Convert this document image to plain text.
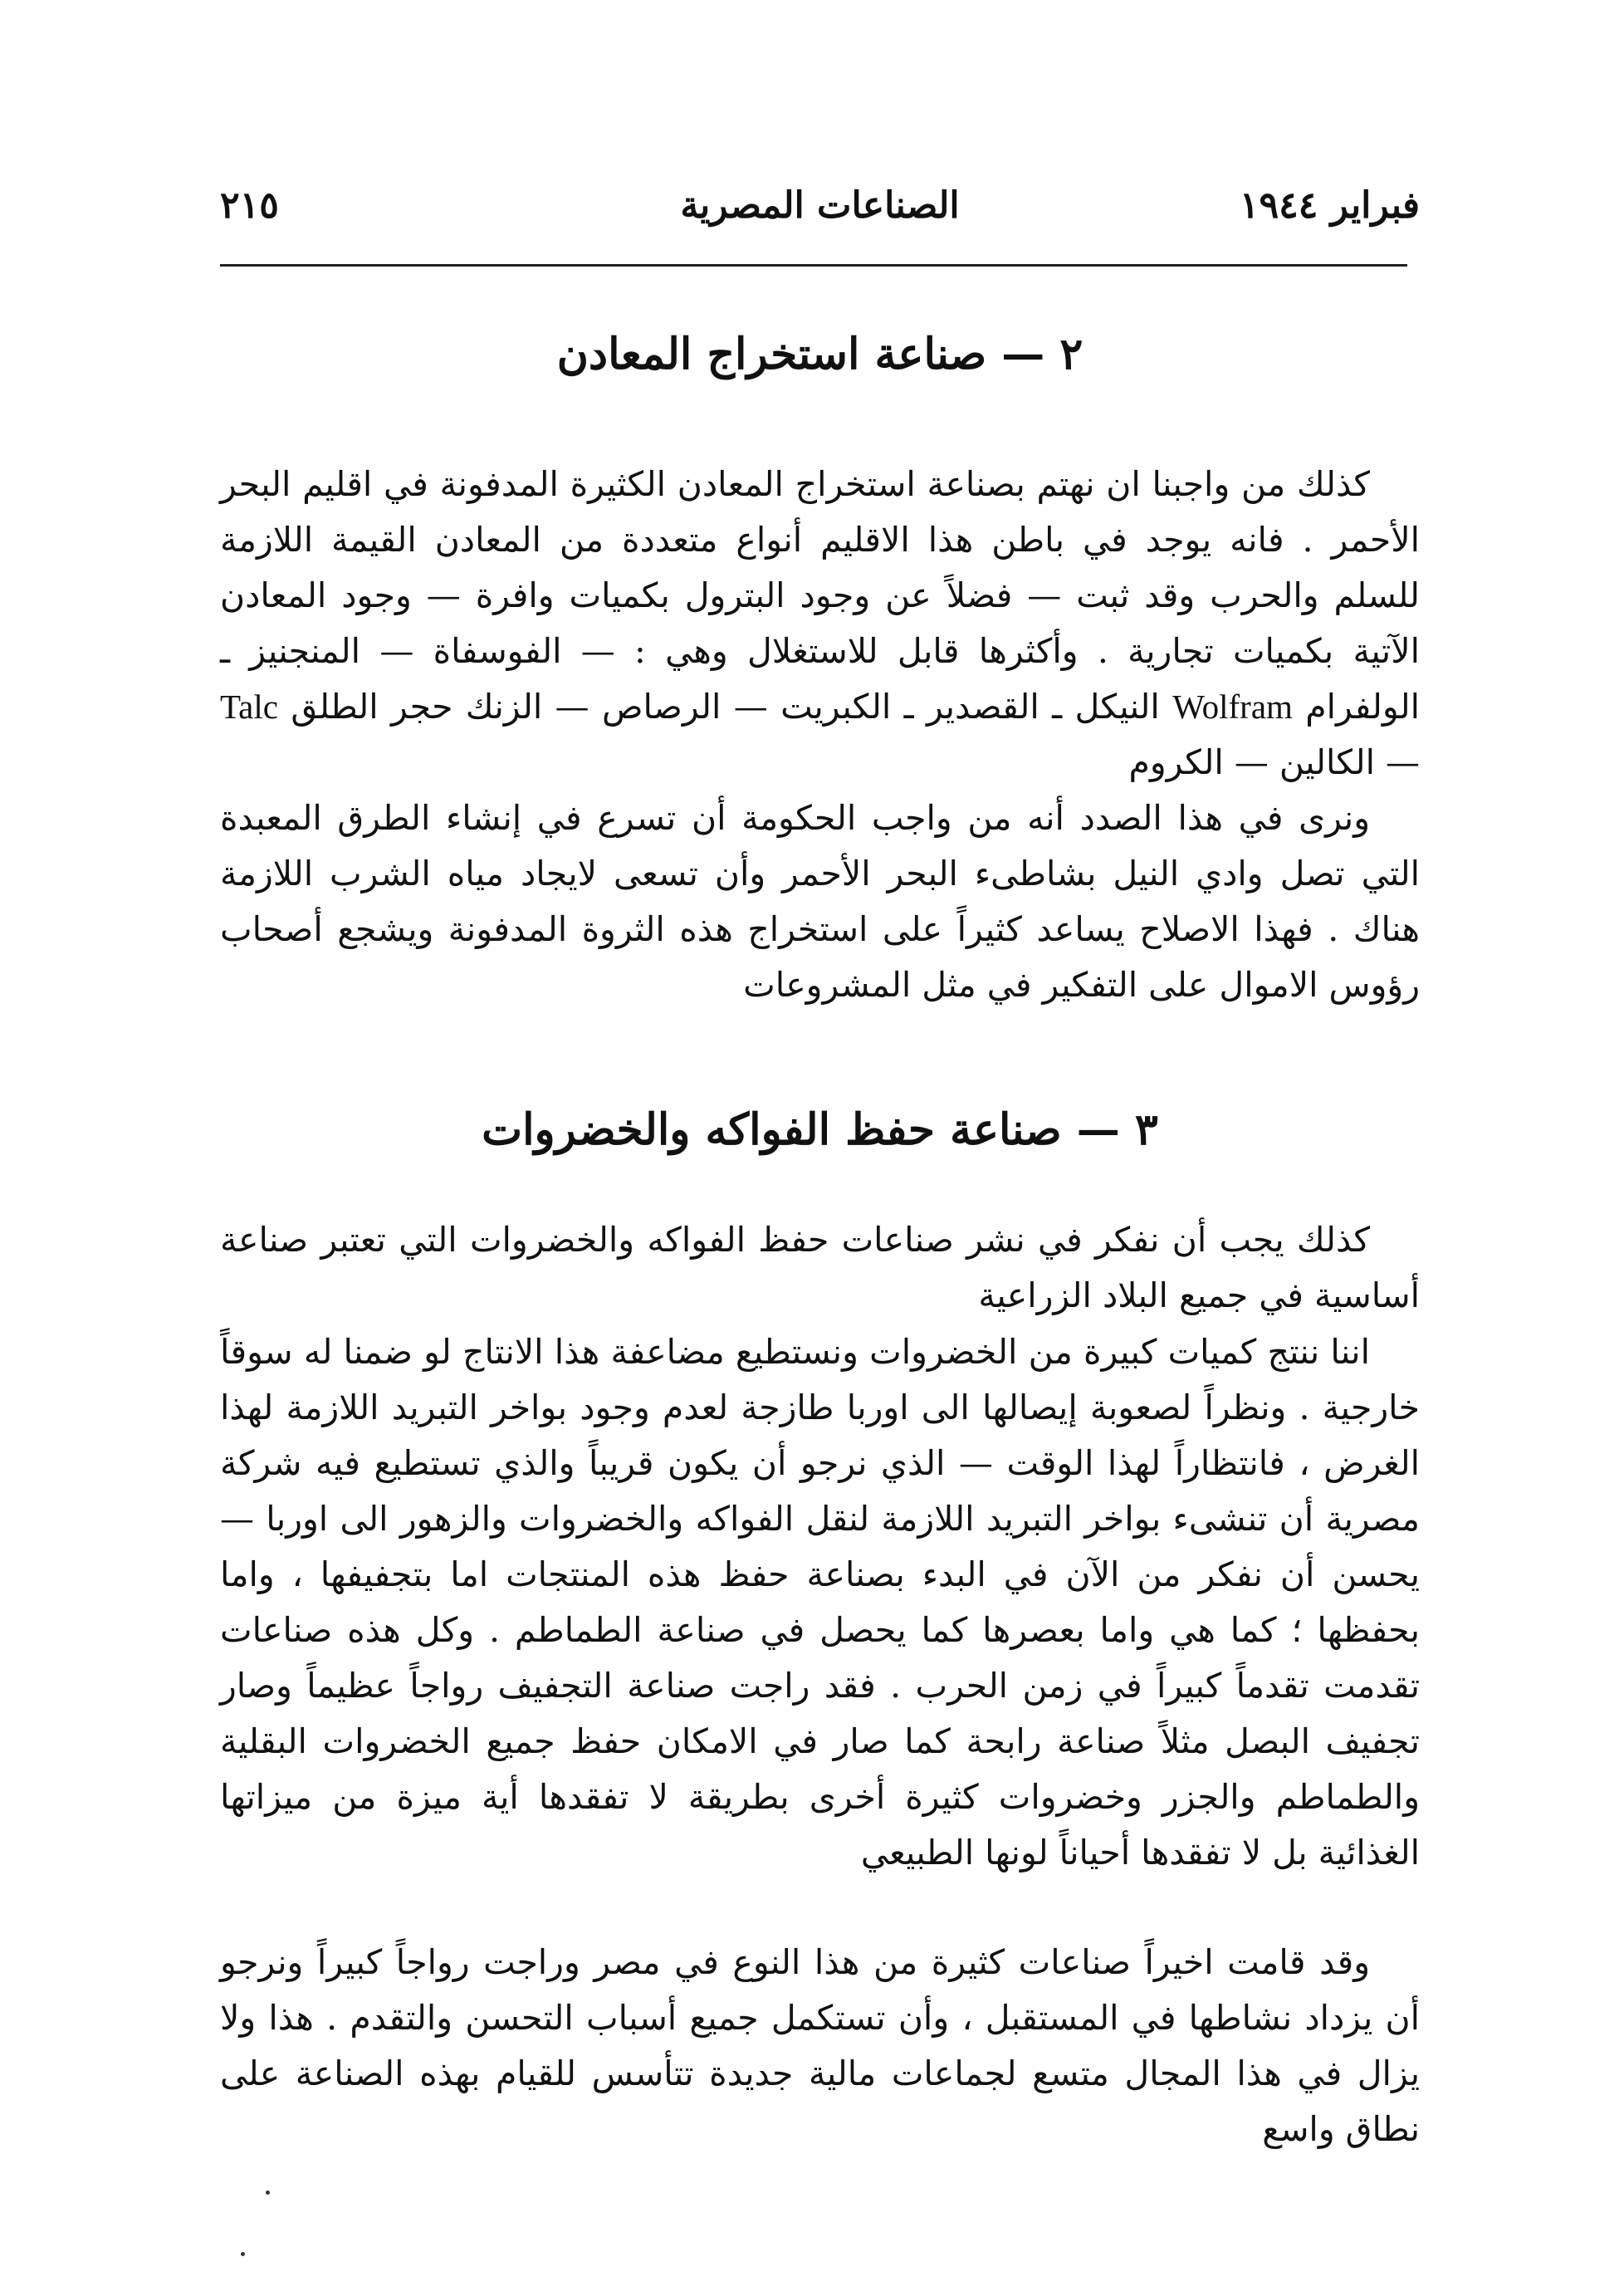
فبراير ١٩٤٤
الصناعات المصرية
٢١٥
٢ — صناعة استخراج المعادن

كذلك من واجبنا ان نهتم بصناعة استخراج المعادن الكثيرة المدفونة في اقليم البحر الأحمر . فانه يوجد في باطن هذا الاقليم أنواع متعددة من المعادن القيمة اللازمة للسلم والحرب وقد ثبت — فضلاً عن وجود البترول بكميات وافرة — وجود المعادن الآتية بكميات تجارية . وأكثرها قابل للاستغلال وهي : — الفوسفاة — المنجنيز ـ الولفرام Wolfram النيكل ـ القصدير ـ الكبريت — الرصاص — الزنك حجر الطلق Talc — الكالين — الكروم

ونرى في هذا الصدد أنه من واجب الحكومة أن تسرع في إنشاء الطرق المعبدة التي تصل وادي النيل بشاطىء البحر الأحمر وأن تسعى لايجاد مياه الشرب اللازمة هناك . فهذا الاصلاح يساعد كثيراً على استخراج هذه الثروة المدفونة ويشجع أصحاب رؤوس الاموال على التفكير في مثل المشروعات

٣ — صناعة حفظ الفواكه والخضروات

كذلك يجب أن نفكر في نشر صناعات حفظ الفواكه والخضروات التي تعتبر صناعة أساسية في جميع البلاد الزراعية

اننا ننتج كميات كبيرة من الخضروات ونستطيع مضاعفة هذا الانتاج لو ضمنا له سوقاً خارجية . ونظراً لصعوبة إيصالها الى اوربا طازجة لعدم وجود بواخر التبريد اللازمة لهذا الغرض ، فانتظاراً لهذا الوقت — الذي نرجو أن يكون قريباً والذي تستطيع فيه شركة مصرية أن تنشىء بواخر التبريد اللازمة لنقل الفواكه والخضروات والزهور الى اوربا — يحسن أن نفكر من الآن في البدء بصناعة حفظ هذه المنتجات اما بتجفيفها ، واما بحفظها ؛ كما هي واما بعصرها كما يحصل في صناعة الطماطم . وكل هذه صناعات تقدمت تقدماً كبيراً في زمن الحرب . فقد راجت صناعة التجفيف رواجاً عظيماً وصار تجفيف البصل مثلاً صناعة رابحة كما صار في الامكان حفظ جميع الخضروات البقلية والطماطم والجزر وخضروات كثيرة أخرى بطريقة لا تفقدها أية ميزة من ميزاتها الغذائية بل لا تفقدها أحياناً لونها الطبيعي

وقد قامت اخيراً صناعات كثيرة من هذا النوع في مصر وراجت رواجاً كبيراً ونرجو أن يزداد نشاطها في المستقبل ، وأن تستكمل جميع أسباب التحسن والتقدم . هذا ولا يزال في هذا المجال متسع لجماعات مالية جديدة تتأسس للقيام بهذه الصناعة على نطاق واسع
